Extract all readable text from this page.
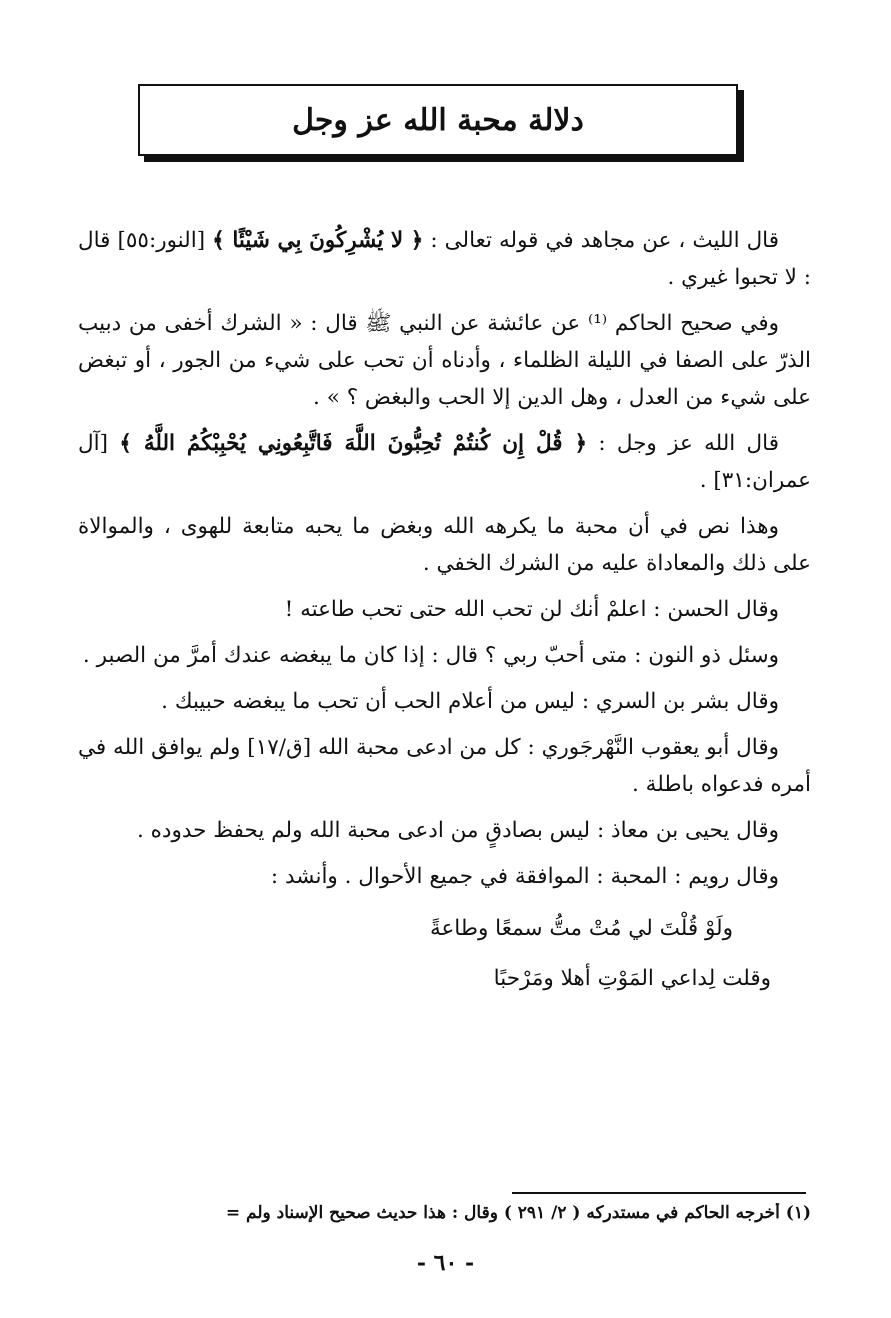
دلالة محبة الله عز وجل

قال الليث ، عن مجاهد في قوله تعالى : ﴿ لا يُشْرِكُونَ بِي شَيْئًا ﴾ [النور:٥٥] قال : لا تحبوا غيري .

وفي صحيح الحاكم ⁽¹⁾ عن عائشة عن النبي ﷺ قال : « الشرك أخفى من دبيب الذرّ على الصفا في الليلة الظلماء ، وأدناه أن تحب على شيء من الجور ، أو تبغض على شيء من العدل ، وهل الدين إلا الحب والبغض ؟ » .

قال الله عز وجل : ﴿ قُلْ إِن كُنتُمْ تُحِبُّونَ اللَّهَ فَاتَّبِعُونِي يُحْبِبْكُمُ اللَّهُ ﴾ [آل عمران:٣١] .

وهذا نص في أن محبة ما يكرهه الله وبغض ما يحبه متابعة للهوى ، والموالاة على ذلك والمعاداة عليه من الشرك الخفي .

وقال الحسن : اعلمْ أنك لن تحب الله حتى تحب طاعته !

وسئل ذو النون : متى أحبّ ربي ؟ قال : إذا كان ما يبغضه عندك أمرَّ من الصبر .

وقال بشر بن السري : ليس من أعلام الحب أن تحب ما يبغضه حبيبك .

وقال أبو يعقوب النَّهْرجَوري : كل من ادعى محبة الله [ق/١٧] ولم يوافق الله في أمره فدعواه باطلة .

وقال يحيى بن معاذ : ليس بصادقٍ من ادعى محبة الله ولم يحفظ حدوده .

وقال رويم : المحبة : الموافقة في جميع الأحوال . وأنشد :

ولَوْ قُلْتَ لي مُتْ متُّ سمعًا وطاعةً

وقلت لِداعي المَوْتِ أهلا ومَرْحبًا

(١) أخرجه الحاكم في مستدركه ( ٢/ ٢٩١ ) وقال : هذا حديث صحيح الإسناد ولم =
- ٦٠ -
